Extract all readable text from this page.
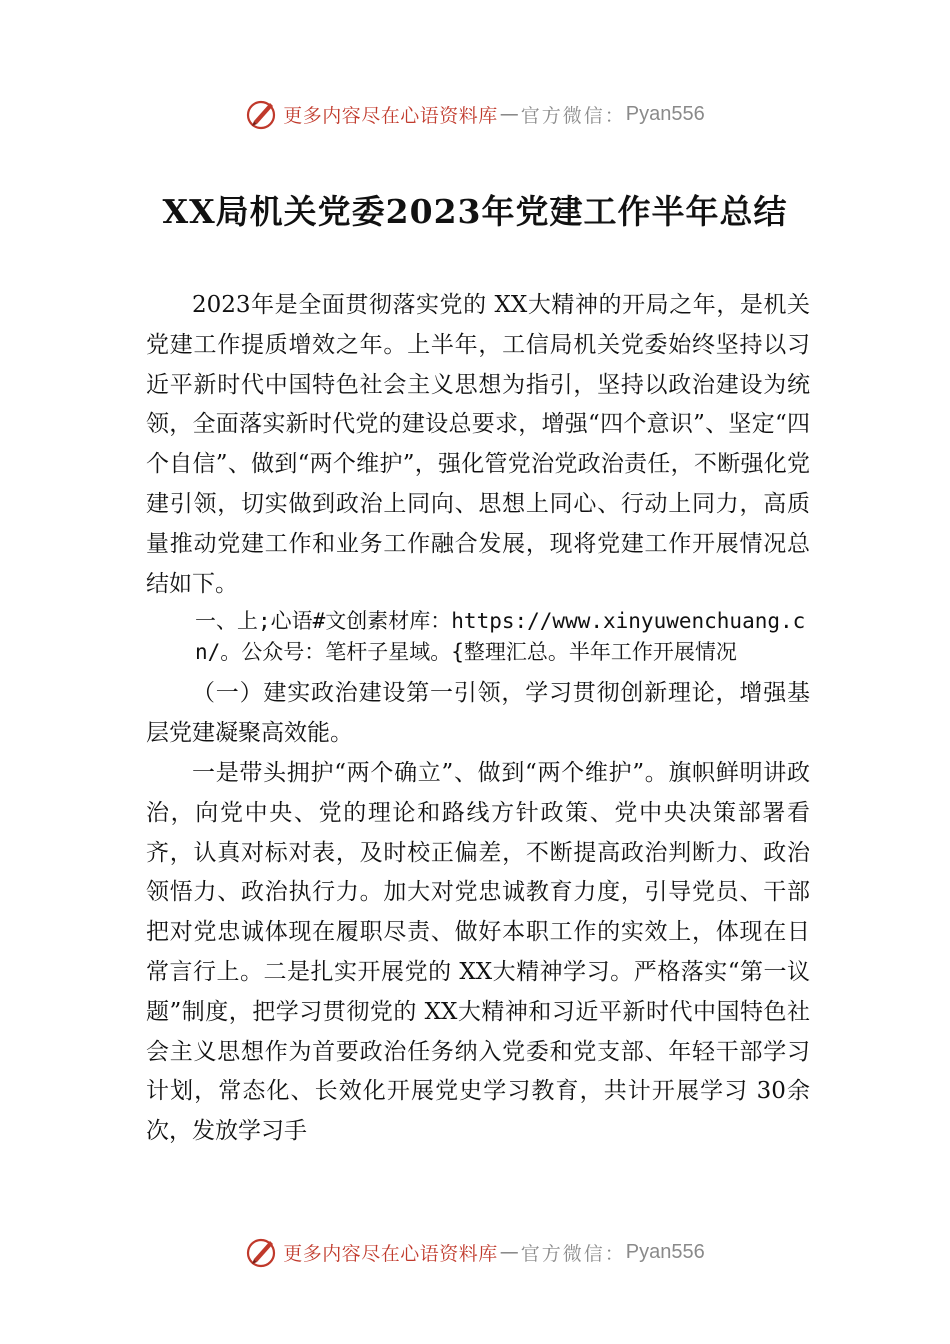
更多内容尽在心语资料库 — 官方微信： Pyan556
XX局机关党委2023年党建工作半年总结

2023年是全面贯彻落实党的 XX大精神的开局之年，是机关党建工作提质增效之年。上半年，工信局机关党委始终坚持以习近平新时代中国特色社会主义思想为指引，坚持以政治建设为统领，全面落实新时代党的建设总要求，增强“四个意识”、坚定“四个自信”、做到“两个维护”，强化管党治党政治责任，不断强化党建引领，切实做到政治上同向、思想上同心、行动上同力，高质量推动党建工作和业务工作融合发展，现将党建工作开展情况总结如下。

一、上;心语#文创素材库：https://www.xinyuwenchuang.cn/。公众号：笔杆子星域。{整理汇总。半年工作开展情况

（一）建实政治建设第一引领，学习贯彻创新理论，增强基层党建凝聚高效能。

一是带头拥护“两个确立”、做到“两个维护”。旗帜鲜明讲政治，向党中央、党的理论和路线方针政策、党中央决策部署看齐，认真对标对表，及时校正偏差，不断提高政治判断力、政治领悟力、政治执行力。加大对党忠诚教育力度，引导党员、干部把对党忠诚体现在履职尽责、做好本职工作的实效上，体现在日常言行上。二是扎实开展党的 XX大精神学习。严格落实“第一议题”制度，把学习贯彻党的 XX大精神和习近平新时代中国特色社会主义思想作为首要政治任务纳入党委和党支部、年轻干部学习计划，常态化、长效化开展党史学习教育，共计开展学习 30余次，发放学习手

更多内容尽在心语资料库 — 官方微信： Pyan556
